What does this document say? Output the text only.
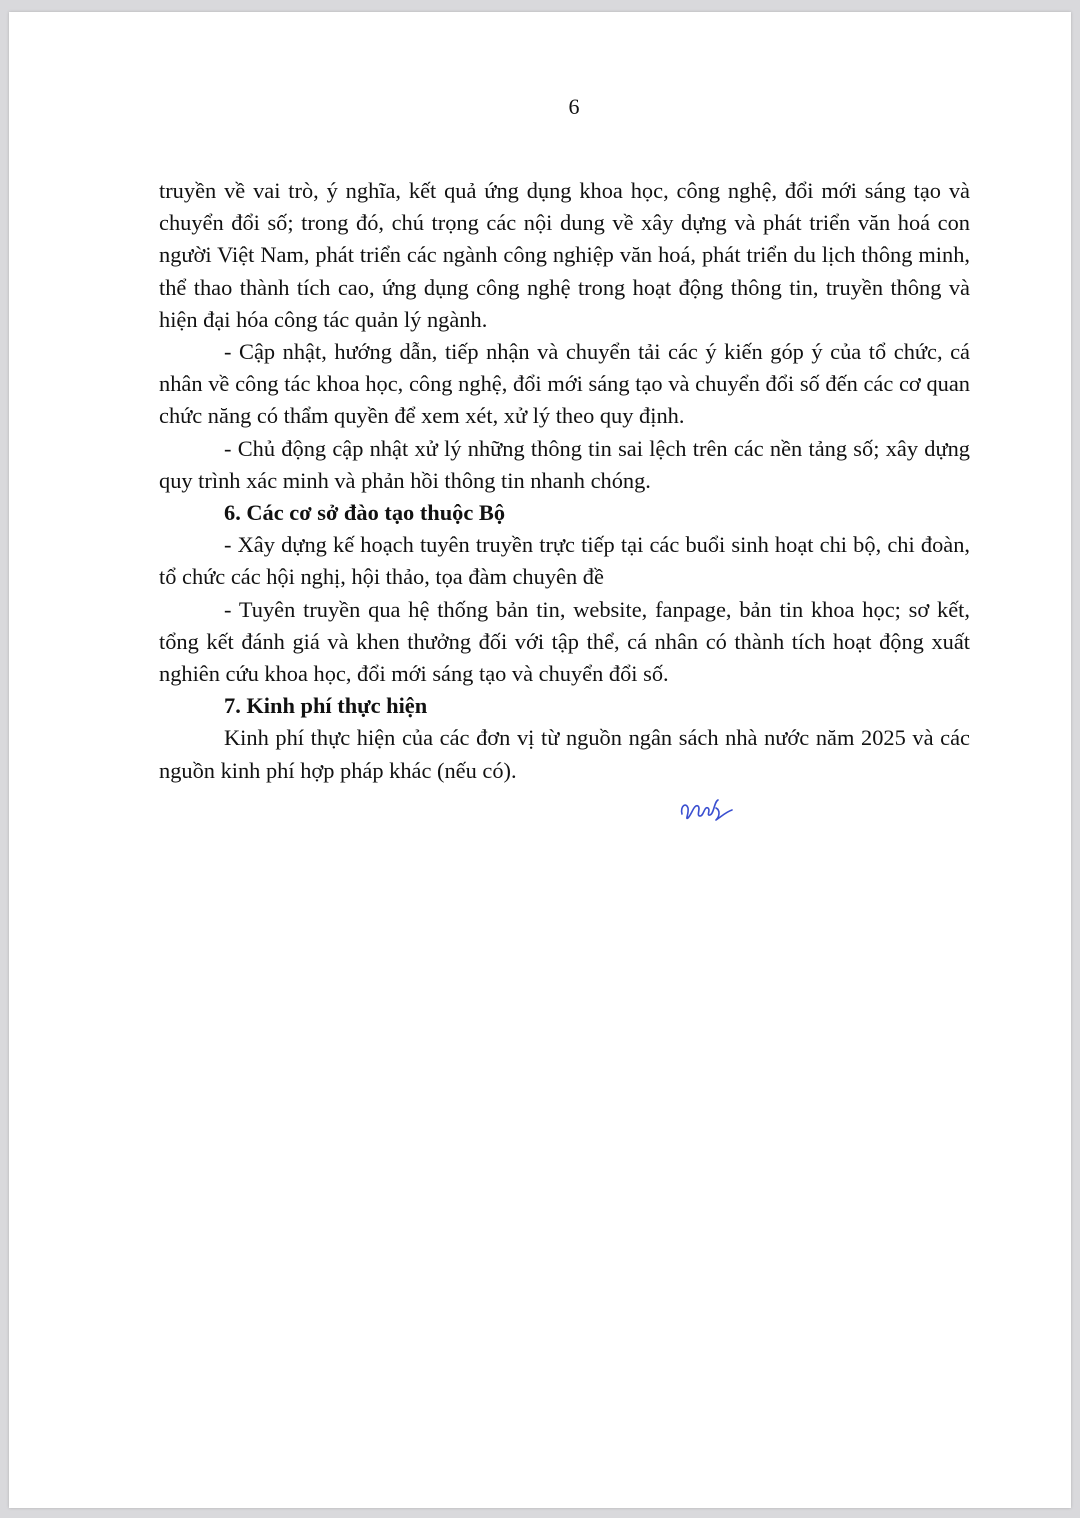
6

truyền về vai trò, ý nghĩa, kết quả ứng dụng khoa học, công nghệ, đổi mới sáng tạo và chuyển đổi số; trong đó, chú trọng các nội dung về xây dựng và phát triển văn hoá con người Việt Nam, phát triển các ngành công nghiệp văn hoá, phát triển du lịch thông minh, thể thao thành tích cao, ứng dụng công nghệ trong hoạt động thông tin, truyền thông và hiện đại hóa công tác quản lý ngành.

- Cập nhật, hướng dẫn, tiếp nhận và chuyển tải các ý kiến góp ý của tổ chức, cá nhân về công tác khoa học, công nghệ, đổi mới sáng tạo và chuyển đổi số đến các cơ quan chức năng có thẩm quyền để xem xét, xử lý theo quy định.

- Chủ động cập nhật xử lý những thông tin sai lệch trên các nền tảng số; xây dựng quy trình xác minh và phản hồi thông tin nhanh chóng.

6. Các cơ sở đào tạo thuộc Bộ

- Xây dựng kế hoạch tuyên truyền trực tiếp tại các buổi sinh hoạt chi bộ, chi đoàn, tổ chức các hội nghị, hội thảo, tọa đàm chuyên đề

- Tuyên truyền qua hệ thống bản tin, website, fanpage, bản tin khoa học; sơ kết, tổng kết đánh giá và khen thưởng đối với tập thể, cá nhân có thành tích hoạt động xuất nghiên cứu khoa học, đổi mới sáng tạo và chuyển đổi số.

7. Kinh phí thực hiện

Kinh phí thực hiện của các đơn vị từ nguồn ngân sách nhà nước năm 2025 và các nguồn kinh phí hợp pháp khác (nếu có).
